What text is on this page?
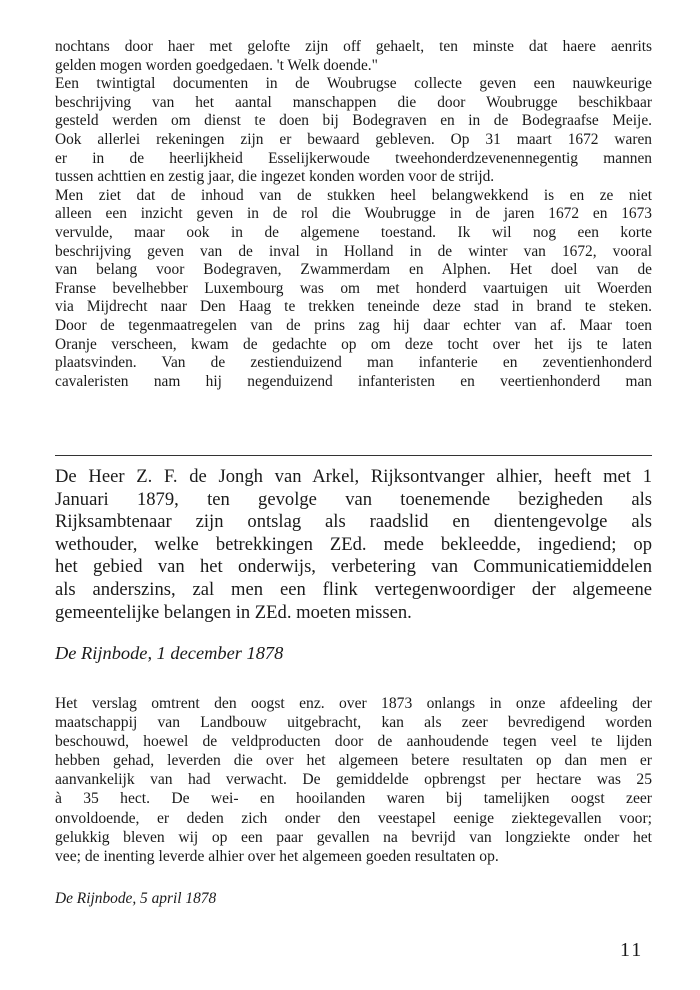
nochtans door haer met gelofte zijn off gehaelt, ten minste dat haere aenrits
gelden mogen worden goedgedaen. 't Welk doende."
Een twintigtal documenten in de Woubrugse collecte geven een nauwkeurige
beschrijving van het aantal manschappen die door Woubrugge beschikbaar
gesteld werden om dienst te doen bij Bodegraven en in de Bodegraafse Meije.
Ook allerlei rekeningen zijn er bewaard gebleven. Op 31 maart 1672 waren
er in de heerlijkheid Esselijkerwoude tweehonderdzevenennegentig mannen
tussen achttien en zestig jaar, die ingezet konden worden voor de strijd.
Men ziet dat de inhoud van de stukken heel belangwekkend is en ze niet
alleen een inzicht geven in de rol die Woubrugge in de jaren 1672 en 1673
vervulde, maar ook in de algemene toestand. Ik wil nog een korte
beschrijving geven van de inval in Holland in de winter van 1672, vooral
van belang voor Bodegraven, Zwammerdam en Alphen. Het doel van de
Franse bevelhebber Luxembourg was om met honderd vaartuigen uit Woerden
via Mijdrecht naar Den Haag te trekken teneinde deze stad in brand te steken.
Door de tegenmaatregelen van de prins zag hij daar echter van af. Maar toen
Oranje verscheen, kwam de gedachte op om deze tocht over het ijs te laten
plaatsvinden. Van de zestienduizend man infanterie en zeventienhonderd
cavaleristen nam hij negenduizend infanteristen en veertienhonderd man
De Heer Z. F. de Jongh van Arkel, Rijksontvanger alhier, heeft met 1
Januari 1879, ten gevolge van toenemende bezigheden als
Rijksambtenaar zijn ontslag als raadslid en dientengevolge als
wethouder, welke betrekkingen ZEd. mede bekleedde, ingediend; op
het gebied van het onderwijs, verbetering van Communicatiemiddelen
als anderszins, zal men een flink vertegenwoordiger der algemeene
gemeentelijke belangen in ZEd. moeten missen.
De Rijnbode, 1 december 1878
Het verslag omtrent den oogst enz. over 1873 onlangs in onze afdeeling der
maatschappij van Landbouw uitgebracht, kan als zeer bevredigend worden
beschouwd, hoewel de veldproducten door de aanhoudende tegen veel te lijden
hebben gehad, leverden die over het algemeen betere resultaten op dan men er
aanvankelijk van had verwacht. De gemiddelde opbrengst per hectare was 25
à 35 hect. De wei- en hooilanden waren bij tamelijken oogst zeer
onvoldoende, er deden zich onder den veestapel eenige ziektegevallen voor;
gelukkig bleven wij op een paar gevallen na bevrijd van longziekte onder het
vee; de inenting leverde alhier over het algemeen goeden resultaten op.
De Rijnbode, 5 april 1878
11
